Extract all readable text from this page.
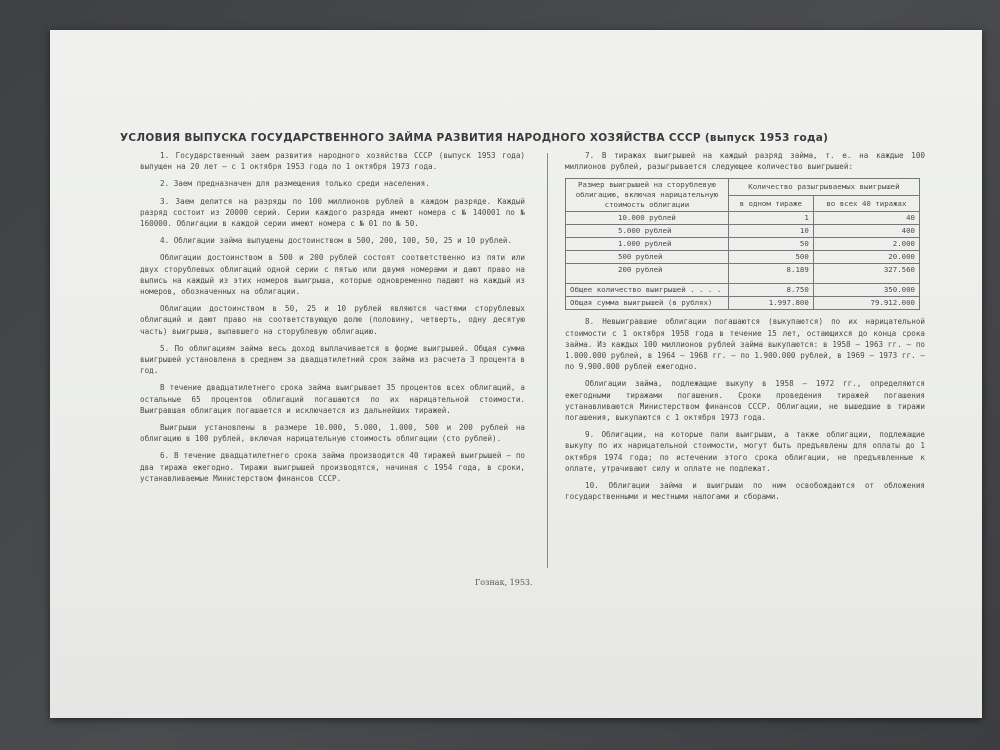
УСЛОВИЯ ВЫПУСКА ГОСУДАРСТВЕННОГО ЗАЙМА РАЗВИТИЯ НАРОДНОГО ХОЗЯЙСТВА СССР (выпуск 1953 года)

1. Государственный заем развития народного хозяйства СССР (выпуск 1953 года) выпущен на 20 лет — с 1 октября 1953 года по 1 октября 1973 года.

2. Заем предназначен для размещения только среди населения.

3. Заем делится на разряды по 100 миллионов рублей в каждом разряде. Каждый разряд состоит из 20000 серий. Серии каждого разряда имеют номера с № 140001 по № 160000. Облигации в каждой серии имеют номера с № 01 по № 50.

4. Облигации займа выпущены достоинством в 500, 200, 100, 50, 25 и 10 рублей.

Облигации достоинством в 500 и 200 рублей состоят соответственно из пяти или двух сторублевых облигаций одной серии с пятью или двумя номерами и дают право на выпись на каждый из этих номеров выигрыша, которые одновременно падают на каждый из номеров, обозначенных на облигации.

Облигации достоинством в 50, 25 и 10 рублей являются частями сторублевых облигаций и дают право на соответствующую долю (половину, четверть, одну десятую часть) выигрыша, выпавшего на сторублевую облигацию.

5. По облигациям займа весь доход выплачивается в форме выигрышей. Общая сумма выигрышей установлена в среднем за двадцатилетний срок займа из расчета 3 процента в год.

В течение двадцатилетнего срока займа выигрывает 35 процентов всех облигаций, а остальные 65 процентов облигаций погашаются по их нарицательной стоимости. Выигравшая облигация погашается и исключается из дальнейших тиражей.

Выигрыши установлены в размере 10.000, 5.000, 1.000, 500 и 200 рублей на облигацию в 100 рублей, включая нарицательную стоимость облигации (сто рублей).

6. В течение двадцатилетнего срока займа производится 40 тиражей выигрышей — по два тиража ежегодно. Тиражи выигрышей производятся, начиная с 1954 года, в сроки, устанавливаемые Министерством финансов СССР.

7. В тиражах выигрышей на каждый разряд займа, т. е. на каждые 100 миллионов рублей, разыгрывается следующее количество выигрышей:

Размер выигрышей на сторублевую облигацию, включая нарицательную стоимость облигации	Количество разыгрываемых выигрышей	
	в одном тираже	во всех 40 тиражах
10.000 рублей	1	40
5.000 рублей	10	400
1.000 рублей	50	2.000
500 рублей	500	20.000
200 рублей	8.189	327.560
Общее количество выигрышей . . . .	8.750	350.000
Общая сумма выигрышей (в рублях)	1.997.800	79.912.000

8. Невыигравшие облигации погашаются (выкупаются) по их нарицательной стоимости с 1 октября 1958 года в течение 15 лет, остающихся до конца срока займа. Из каждых 100 миллионов рублей займа выкупаются: в 1958 — 1963 гг. — по 1.000.000 рублей, в 1964 — 1968 гг. — по 1.900.000 рублей, в 1969 — 1973 гг. — по 9.900.000 рублей ежегодно.

Облигации займа, подлежащие выкупу в 1958 — 1972 гг., определяются ежегодными тиражами погашения. Сроки проведения тиражей погашения устанавливаются Министерством финансов СССР. Облигации, не вышедшие в тиражи погашения, выкупаются с 1 октября 1973 года.

9. Облигации, на которые пали выигрыши, а также облигации, подлежащие выкупу по их нарицательной стоимости, могут быть предъявлены для оплаты до 1 октября 1974 года; по истечении этого срока облигации, не предъявленные к оплате, утрачивают силу и оплате не подлежат.

10. Облигации займа и выигрыши по ним освобождаются от обложения государственными и местными налогами и сборами.

Гознак, 1953.
